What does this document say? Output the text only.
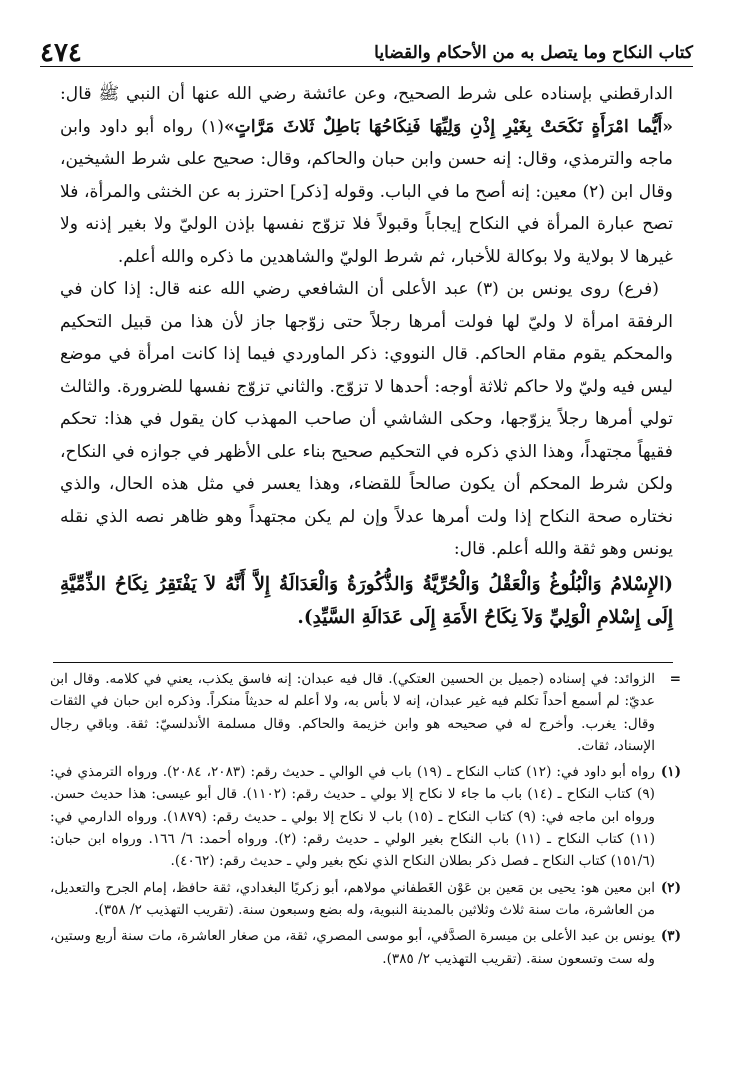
كتاب النكاح وما يتصل به من الأحكام والقضايا
٤٧٤

الدارقطني بإسناده على شرط الصحيح، وعن عائشة رضي الله عنها أن النبي ﷺ قال: «أَيُّما امْرَأَةٍ نَكَحَتْ بِغَيْرِ إِذْنِ وَلِيِّهَا فَنِكَاحُهَا بَاطِلٌ ثَلاثَ مَرَّاتٍ»(١) رواه أبو داود وابن ماجه والترمذي، وقال: إنه حسن وابن حبان والحاكم، وقال: صحيح على شرط الشيخين، وقال ابن (٢) معين: إنه أصح ما في الباب. وقوله [ذكر] احترز به عن الخنثى والمرأة، فلا تصح عبارة المرأة في النكاح إيجاباً وقبولاً فلا تزوّج نفسها بإذن الوليّ ولا بغير إذنه ولا غيرها لا بولاية ولا بوكالة للأخبار، ثم شرط الوليّ والشاهدين ما ذكره والله أعلم.

(فرع) روى يونس بن (٣) عبد الأعلى أن الشافعي رضي الله عنه قال: إذا كان في الرفقة امرأة لا وليّ لها فولت أمرها رجلاً حتى زوّجها جاز لأن هذا من قبيل التحكيم والمحكم يقوم مقام الحاكم. قال النووي: ذكر الماوردي فيما إذا كانت امرأة في موضع ليس فيه وليّ ولا حاكم ثلاثة أوجه: أحدها لا تزوّج. والثاني تزوّج نفسها للضرورة. والثالث تولي أمرها رجلاً يزوّجها، وحكى الشاشي أن صاحب المهذب كان يقول في هذا: تحكم فقيهاً مجتهداً، وهذا الذي ذكره في التحكيم صحيح بناء على الأظهر في جوازه في النكاح، ولكن شرط المحكم أن يكون صالحاً للقضاء، وهذا يعسر في مثل هذه الحال، والذي نختاره صحة النكاح إذا ولت أمرها عدلاً وإن لم يكن مجتهداً وهو ظاهر نصه الذي نقله يونس وهو ثقة والله أعلم. قال:

(الإِسْلامُ وَالْبُلُوغُ وَالْعَقْلُ وَالْحُرِّيَّةُ وَالذُّكُورَةُ وَالْعَدَالَةُ إِلاَّ أَنَّهُ لاَ يَفْتَقِرُ نِكَاحُ الذِّمِّيَّةِ إِلَى إِسْلامِ الْوَلِيِّ وَلاَ نِكَاحُ الأَمَةِ إِلَى عَدَالَةِ السَّيِّدِ).

=
الزوائد: في إسناده (جميل بن الحسين العتكي). قال فيه عبدان: إنه فاسق يكذب، يعني في كلامه. وقال ابن عديّ: لم أسمع أحداً تكلم فيه غير عبدان، إنه لا بأس به، ولا أعلم له حديثاً منكراً. وذكره ابن حبان في الثقات وقال: يغرب. وأخرج له في صحيحه هو وابن خزيمة والحاكم. وقال مسلمة الأندلسيّ: ثقة. وباقي رجال الإسناد، ثقات.
(١)
رواه أبو داود في: (١٢) كتاب النكاح ـ (١٩) باب في الوالي ـ حديث رقم: (٢٠٨٣، ٢٠٨٤). ورواه الترمذي في: (٩) كتاب النكاح ـ (١٤) باب ما جاء لا نكاح إلا بولي ـ حديث رقم: (١١٠٢). قال أبو عيسى: هذا حديث حسن. ورواه ابن ماجه في: (٩) كتاب النكاح ـ (١٥) باب لا نكاح إلا بولي ـ حديث رقم: (١٨٧٩). ورواه الدارمي في: (١١) كتاب النكاح ـ (١١) باب النكاح بغير الولي ـ حديث رقم: (٢). ورواه أحمد: ٦/ ١٦٦. ورواه ابن حبان: (١٥١/٦) كتاب النكاح ـ فصل ذكر بطلان النكاح الذي نكح بغير ولي ـ حديث رقم: (٤٠٦٢).
(٢)
ابن معين هو: يحيى بن مَعين بن عَوْن الغَطفاني مولاهم، أبو زكريًا البغدادي، ثقة حافظ، إمام الجرح والتعديل، من العاشرة، مات سنة ثلاث وثلاثين بالمدينة النبوية، وله بضع وسبعون سنة. (تقريب التهذيب ٢/ ٣٥٨).
(٣)
يونس بن عبد الأعلى بن ميسرة الصدَّفي، أبو موسى المصري، ثقة، من صغار العاشرة، مات سنة أربع وستين، وله ست وتسعون سنة. (تقريب التهذيب ٢/ ٣٨٥).
